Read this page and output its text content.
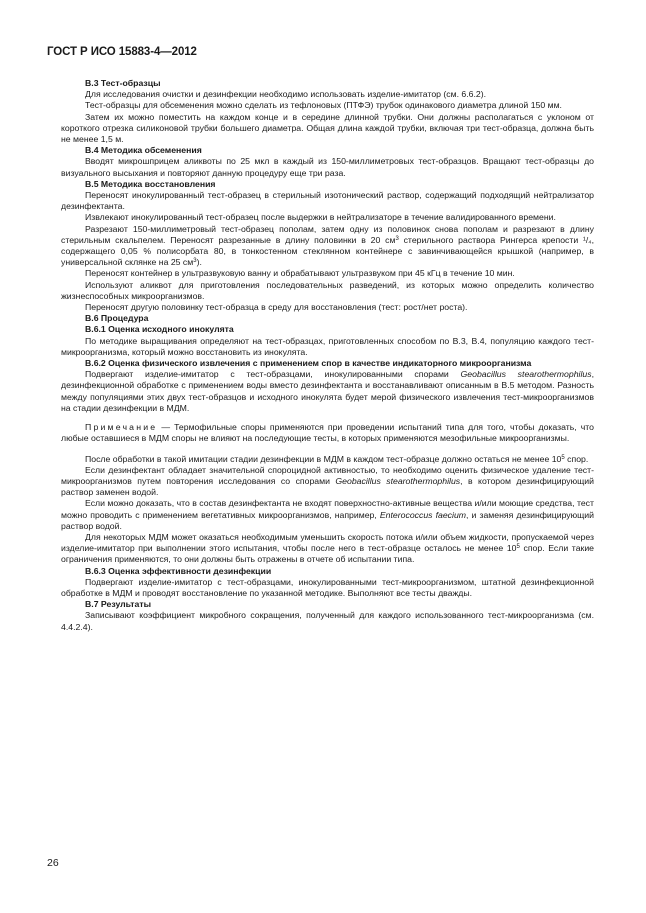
ГОСТ Р ИСО 15883-4—2012

В.3 Тест-образцы

Для исследования очистки и дезинфекции необходимо использовать изделие-имитатор (см. 6.6.2).

Тест-образцы для обсеменения можно сделать из тефлоновых (ПТФЭ) трубок одинакового диаметра длиной 150 мм.

Затем их можно поместить на каждом конце и в середине длинной трубки. Они должны располагаться с уклоном от короткого отрезка силиконовой трубки большего диаметра. Общая длина каждой трубки, включая три тест-образца, должна быть не менее 1,5 м.

В.4 Методика обсеменения

Вводят микрошприцем аликвоты по 25 мкл в каждый из 150-миллиметровых тест-образцов. Вращают тест-образцы до визуального высыхания и повторяют данную процедуру еще три раза.

В.5 Методика восстановления

Переносят инокулированный тест-образец в стерильный изотонический раствор, содержащий подходящий нейтрализатор дезинфектанта.

Извлекают инокулированный тест-образец после выдержки в нейтрализаторе в течение валидированного времени.

Разрезают 150-миллиметровый тест-образец пополам, затем одну из половинок снова пополам и разрезают в длину стерильным скальпелем. Переносят разрезанные в длину половинки в 20 $см^3$ стерильного раствора Рингерса крепости ¹/₄, содержащего 0,05 % полисорбата 80, в тонкостенном стеклянном контейнере с завинчивающейся крышкой (например, в универсальной склянке на 25 $см^3$).

Переносят контейнер в ультразвуковую ванну и обрабатывают ультразвуком при 45 кГц в течение 10 мин.

Используют аликвот для приготовления последовательных разведений, из которых можно определить количество жизнеспособных микроорганизмов.

Переносят другую половинку тест-образца в среду для восстановления (тест: рост/нет роста).

В.6 Процедура

В.6.1 Оценка исходного инокулята

По методике выращивания определяют на тест-образцах, приготовленных способом по В.3, В.4, популяцию каждого тест-микроорганизма, который можно восстановить из инокулята.

В.6.2 Оценка физического извлечения с применением спор в качестве индикаторного микроорганизма

Подвергают изделие-имитатор с тест-образцами, инокулированными спорами Geobacillus stearothermophilus, дезинфекционной обработке с применением воды вместо дезинфектанта и восстанавливают описанным в В.5 методом. Разность между популяциями этих двух тест-образцов и исходного инокулята будет мерой физического извлечения тест-микроорганизмов на стадии дезинфекции в МДМ.

Примечание — Термофильные споры применяются при проведении испытаний типа для того, чтобы доказать, что любые оставшиеся в МДМ споры не влияют на последующие тесты, в которых применяются мезофильные микроорганизмы.

После обработки в такой имитации стадии дезинфекции в МДМ в каждом тест-образце должно остаться не менее $10^5$ спор.

Если дезинфектант обладает значительной спороцидной активностью, то необходимо оценить физическое удаление тест-микроорганизмов путем повторения исследования со спорами Geobacillus stearothermophilus, в котором дезинфицирующий раствор заменен водой.

Если можно доказать, что в состав дезинфектанта не входят поверхностно-активные вещества и/или моющие средства, тест можно проводить с применением вегетативных микроорганизмов, например, Enterococcus faecium, и заменяя дезинфицирующий раствор водой.

Для некоторых МДМ может оказаться необходимым уменьшить скорость потока и/или объем жидкости, пропускаемой через изделие-имитатор при выполнении этого испытания, чтобы после него в тест-образце осталось не менее $10^5$ спор. Если такие ограничения применяются, то они должны быть отражены в отчете об испытании типа.

В.6.3 Оценка эффективности дезинфекции

Подвергают изделие-имитатор с тест-образцами, инокулированными тест-микроорганизмом, штатной дезинфекционной обработке в МДМ и проводят восстановление по указанной методике. Выполняют все тесты дважды.

В.7 Результаты

Записывают коэффициент микробного сокращения, полученный для каждого использованного тест-микроорганизма (см. 4.4.2.4).

26
